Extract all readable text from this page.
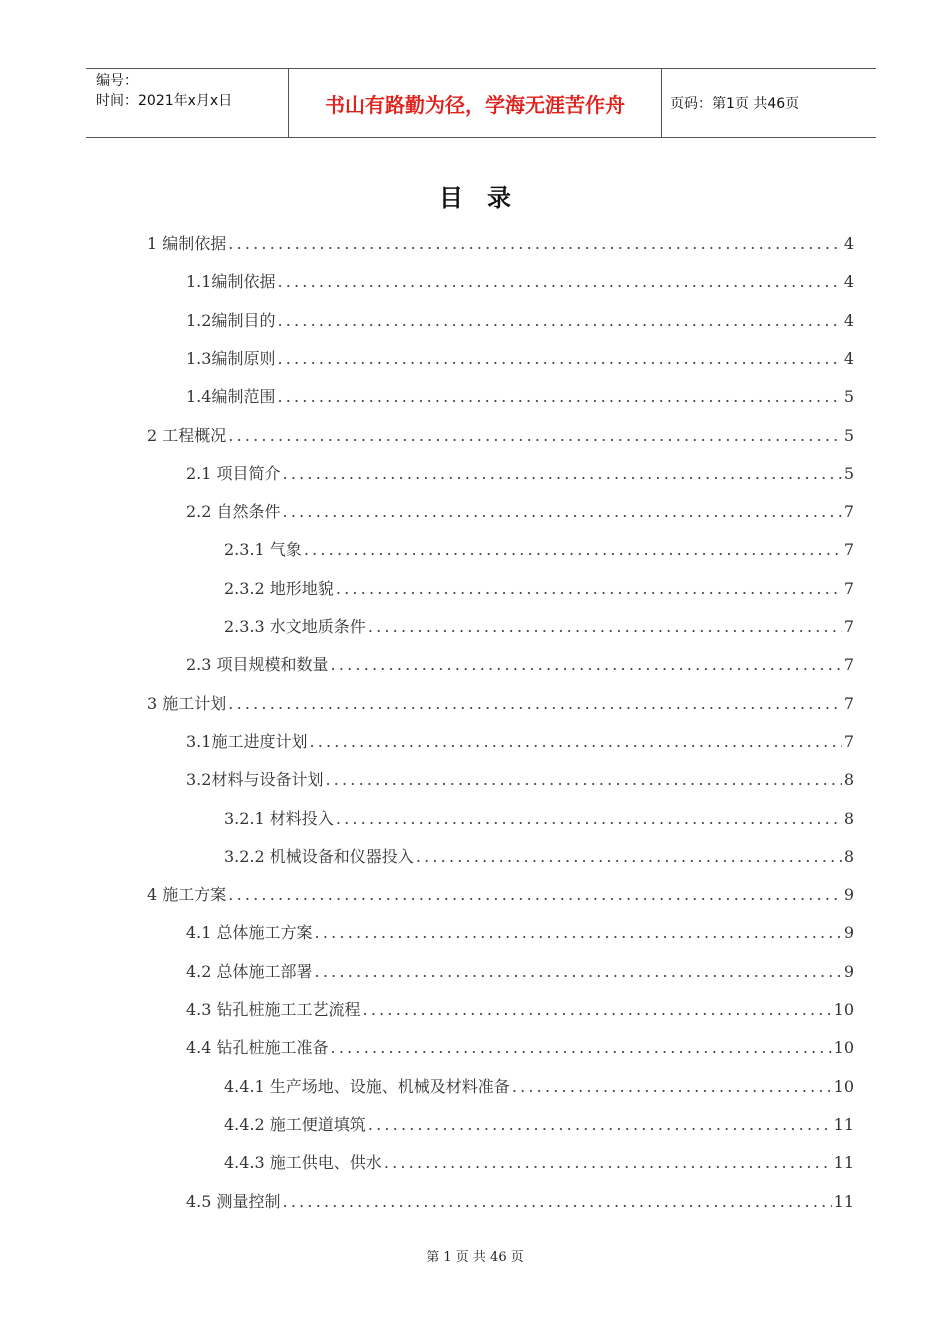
编号：
时间：2021年x月x日	书山有路勤为径，学海无涯苦作舟	页码：第1页 共46页
目录
1 编制依据 .....	4
1.1编制依据 .....	4
1.2编制目的 .....	4
1.3编制原则 .....	4
1.4编制范围 .....	5
2 工程概况 .....	5
2.1 项目简介 .....	5
2.2 自然条件 .....	7
2.3.1 气象 .....	7
2.3.2 地形地貌 .....	7
2.3.3 水文地质条件 .....	7
2.3 项目规模和数量 .....	7
3 施工计划 .....	7
3.1施工进度计划 .....	7
3.2材料与设备计划 .....	8
3.2.1 材料投入 .....	8
3.2.2 机械设备和仪器投入 .....	8
4 施工方案 .....	9
4.1 总体施工方案 .....	9
4.2 总体施工部署 .....	9
4.3 钻孔桩施工工艺流程 .....	10
4.4 钻孔桩施工准备 .....	10
4.4.1 生产场地、设施、机械及材料准备 .....	10
4.4.2 施工便道填筑 .....	11
4.4.3 施工供电、供水 .....	11
4.5 测量控制 .....	11
第 1 页 共 46 页
